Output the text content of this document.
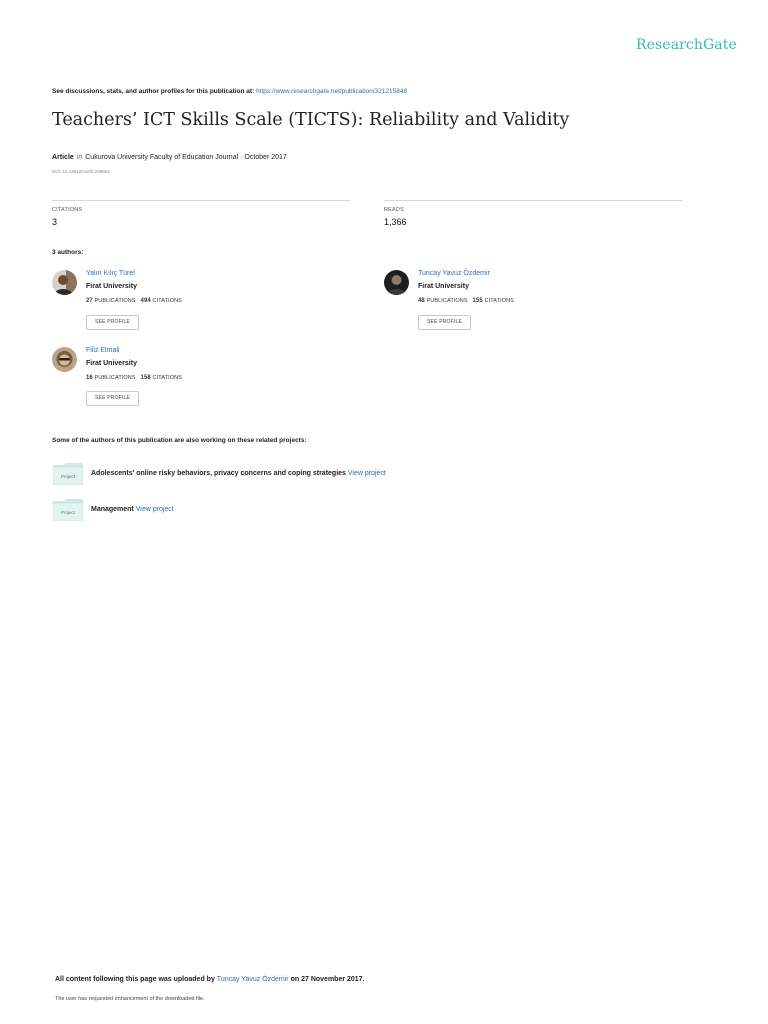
ResearchGate
See discussions, stats, and author profiles for this publication at: https://www.researchgate.net/publication/321215848
Teachers’ ICT Skills Scale (TICTS): Reliability and Validity
Article in Cukurova University Faculty of Education Journal · October 2017
DOI: 10.14812/cuefd.298864
CITATIONS
3
READS
1,366
3 authors:
Yalın Kılıç Türel
Firat University
27 PUBLICATIONS 494 CITATIONS
SEE PROFILE
Tuncay Yavuz Özdemir
Firat University
48 PUBLICATIONS 155 CITATIONS
SEE PROFILE
Filiz Elmali
Firat University
16 PUBLICATIONS 158 CITATIONS
SEE PROFILE
Some of the authors of this publication are also working on these related projects:
Project Adolescents' online risky behaviors, privacy concerns and coping strategies View project
Project Management View project
All content following this page was uploaded by Tuncay Yavuz Özdemir on 27 November 2017.
The user has requested enhancement of the downloaded file.
